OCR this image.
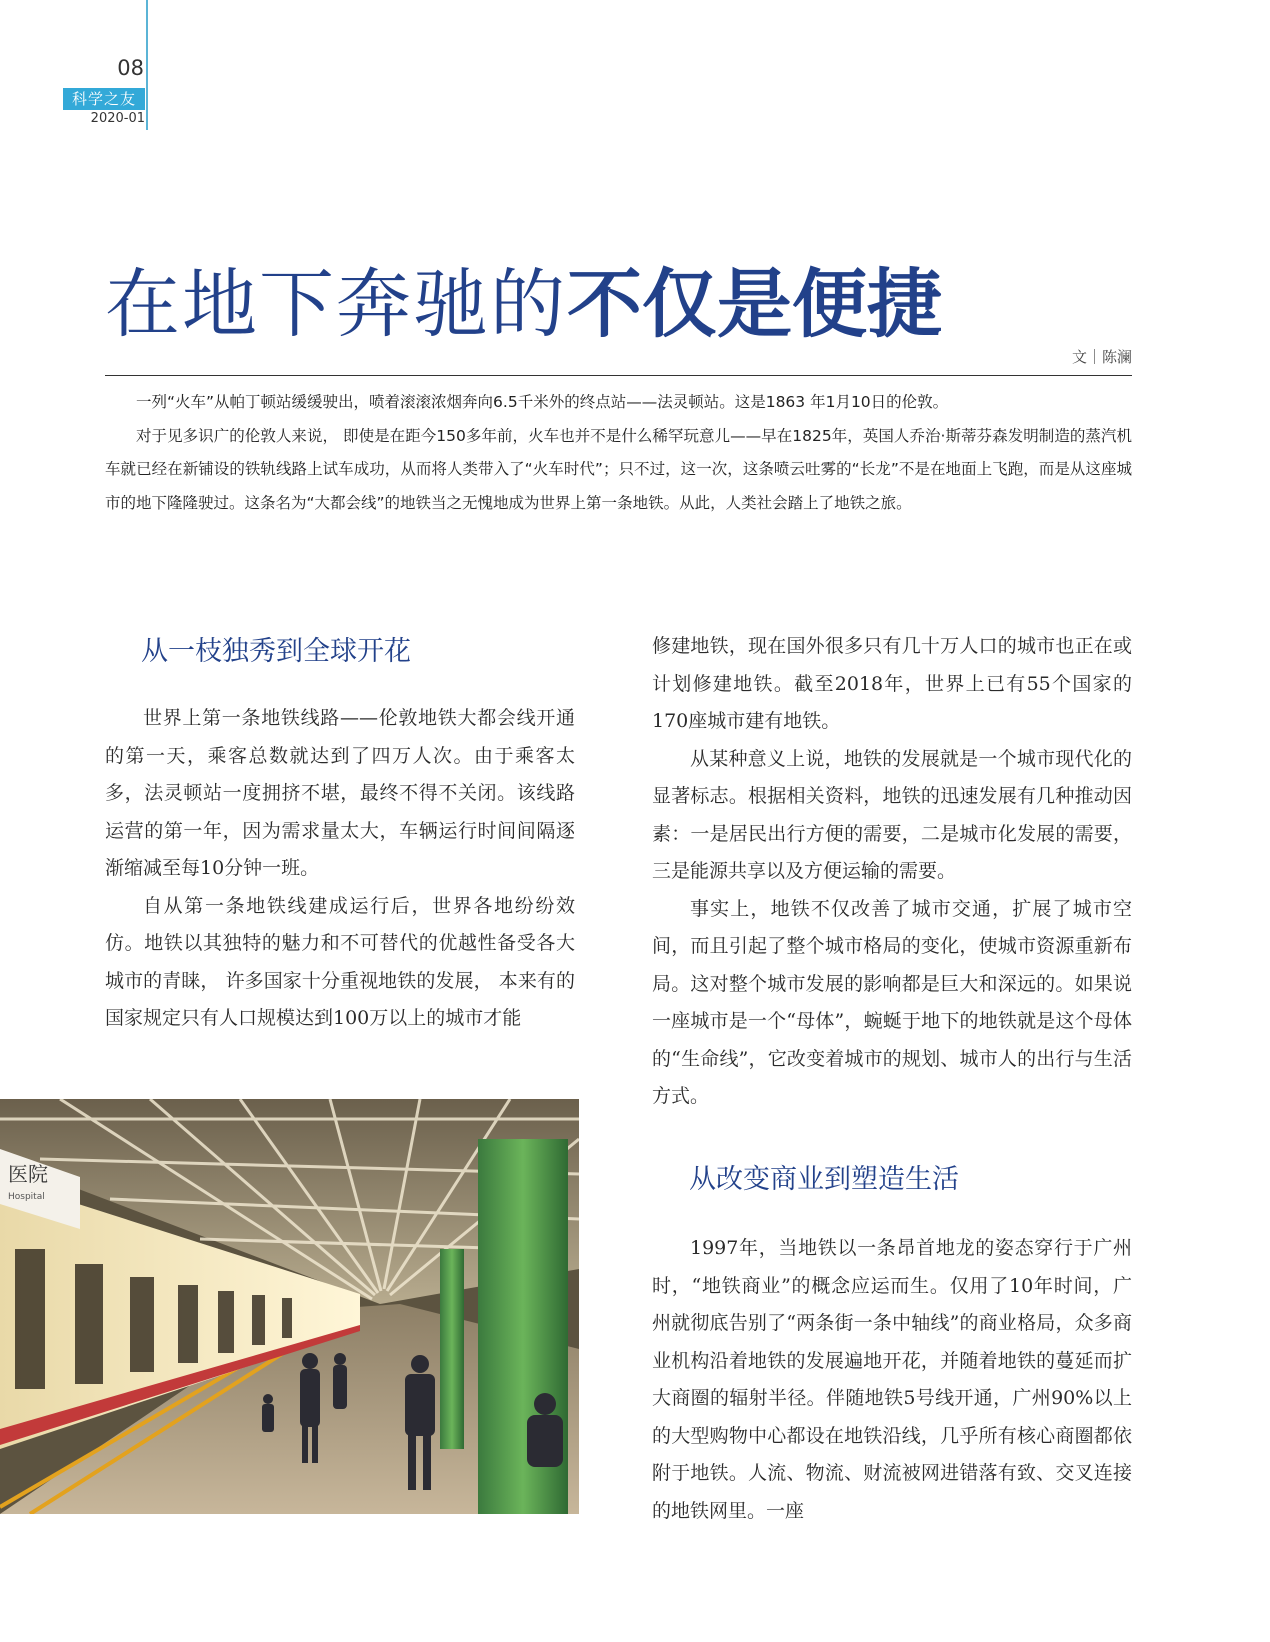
08
科学之友
2020-01
在地下奔驰的不仅是便捷
文｜陈澜

一列“火车”从帕丁顿站缓缓驶出，喷着滚滚浓烟奔向6.5千米外的终点站——法灵顿站。这是1863 年1月10日的伦敦。

对于见多识广的伦敦人来说， 即使是在距今150多年前，火车也并不是什么稀罕玩意儿——早在1825年，英国人乔治·斯蒂芬森发明制造的蒸汽机车就已经在新铺设的铁轨线路上试车成功，从而将人类带入了“火车时代”；只不过，这一次，这条喷云吐雾的“长龙”不是在地面上飞跑，而是从这座城市的地下隆隆驶过。这条名为“大都会线”的地铁当之无愧地成为世界上第一条地铁。从此，人类社会踏上了地铁之旅。

从一枝独秀到全球开花

世界上第一条地铁线路——伦敦地铁大都会线开通的第一天，乘客总数就达到了四万人次。由于乘客太多，法灵顿站一度拥挤不堪，最终不得不关闭。该线路运营的第一年，因为需求量太大，车辆运行时间间隔逐渐缩减至每10分钟一班。

自从第一条地铁线建成运行后，世界各地纷纷效仿。地铁以其独特的魅力和不可替代的优越性备受各大城市的青睐， 许多国家十分重视地铁的发展， 本来有的国家规定只有人口规模达到100万以上的城市才能

修建地铁，现在国外很多只有几十万人口的城市也正在或计划修建地铁。截至2018年，世界上已有55个国家的170座城市建有地铁。

从某种意义上说，地铁的发展就是一个城市现代化的显著标志。根据相关资料，地铁的迅速发展有几种推动因素：一是居民出行方便的需要，二是城市化发展的需要，三是能源共享以及方便运输的需要。

事实上，地铁不仅改善了城市交通，扩展了城市空间，而且引起了整个城市格局的变化，使城市资源重新布局。这对整个城市发展的影响都是巨大和深远的。如果说一座城市是一个“母体”，蜿蜒于地下的地铁就是这个母体的“生命线”，它改变着城市的规划、城市人的出行与生活方式。

从改变商业到塑造生活

1997年，当地铁以一条昂首地龙的姿态穿行于广州时，“地铁商业”的概念应运而生。仅用了10年时间，广州就彻底告别了“两条街一条中轴线”的商业格局，众多商业机构沿着地铁的发展遍地开花，并随着地铁的蔓延而扩大商圈的辐射半径。伴随地铁5号线开通，广州90%以上的大型购物中心都设在地铁沿线，几乎所有核心商圈都依附于地铁。人流、物流、财流被网进错落有致、交叉连接的地铁网里。一座

医院
Hospital
